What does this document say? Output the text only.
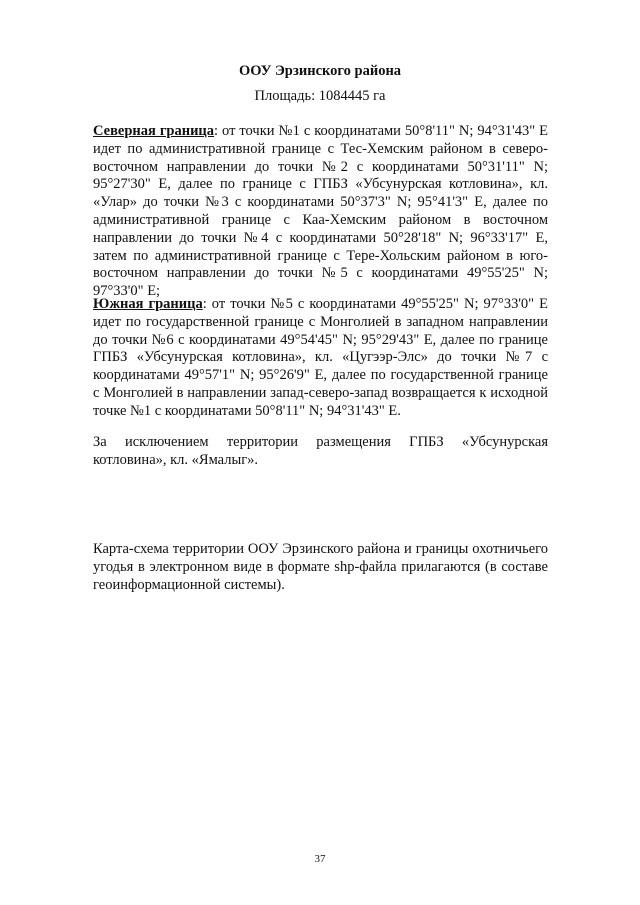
ООУ Эрзинского района
Площадь: 1084445 га

Северная граница: от точки №1 с координатами 50°8'11" N; 94°31'43" E идет по административной границе с Тес-Хемским районом в северо-восточном направлении до точки №2 с координатами 50°31'11" N; 95°27'30" E, далее по границе с ГПБЗ «Убсунурская котловина», кл. «Улар» до точки №3 с координатами 50°37'3" N; 95°41'3" E, далее по административной границе с Каа-Хемским районом в восточном направлении до точки №4 с координатами 50°28'18" N; 96°33'17" E, затем по административной границе с Тере-Хольским районом в юго-восточном направлении до точки №5 с координатами 49°55'25" N; 97°33'0" E;

Южная граница: от точки №5 с координатами 49°55'25" N; 97°33'0" E идет по государственной границе с Монголией в западном направлении до точки №6 с координатами 49°54'45" N; 95°29'43" E, далее по границе ГПБЗ «Убсунурская котловина», кл. «Цугээр-Элс» до точки №7 с координатами 49°57'1" N; 95°26'9" E, далее по государственной границе с Монголией в направлении запад-северо-запад возвращается к исходной точке №1 с координатами 50°8'11" N; 94°31'43" E.

За исключением территории размещения ГПБЗ «Убсунурская котловина», кл. «Ямалыг».

Карта-схема территории ООУ Эрзинского района и границы охотничьего угодья в электронном виде в формате shp-файла прилагаются (в составе геоинформационной системы).

37
